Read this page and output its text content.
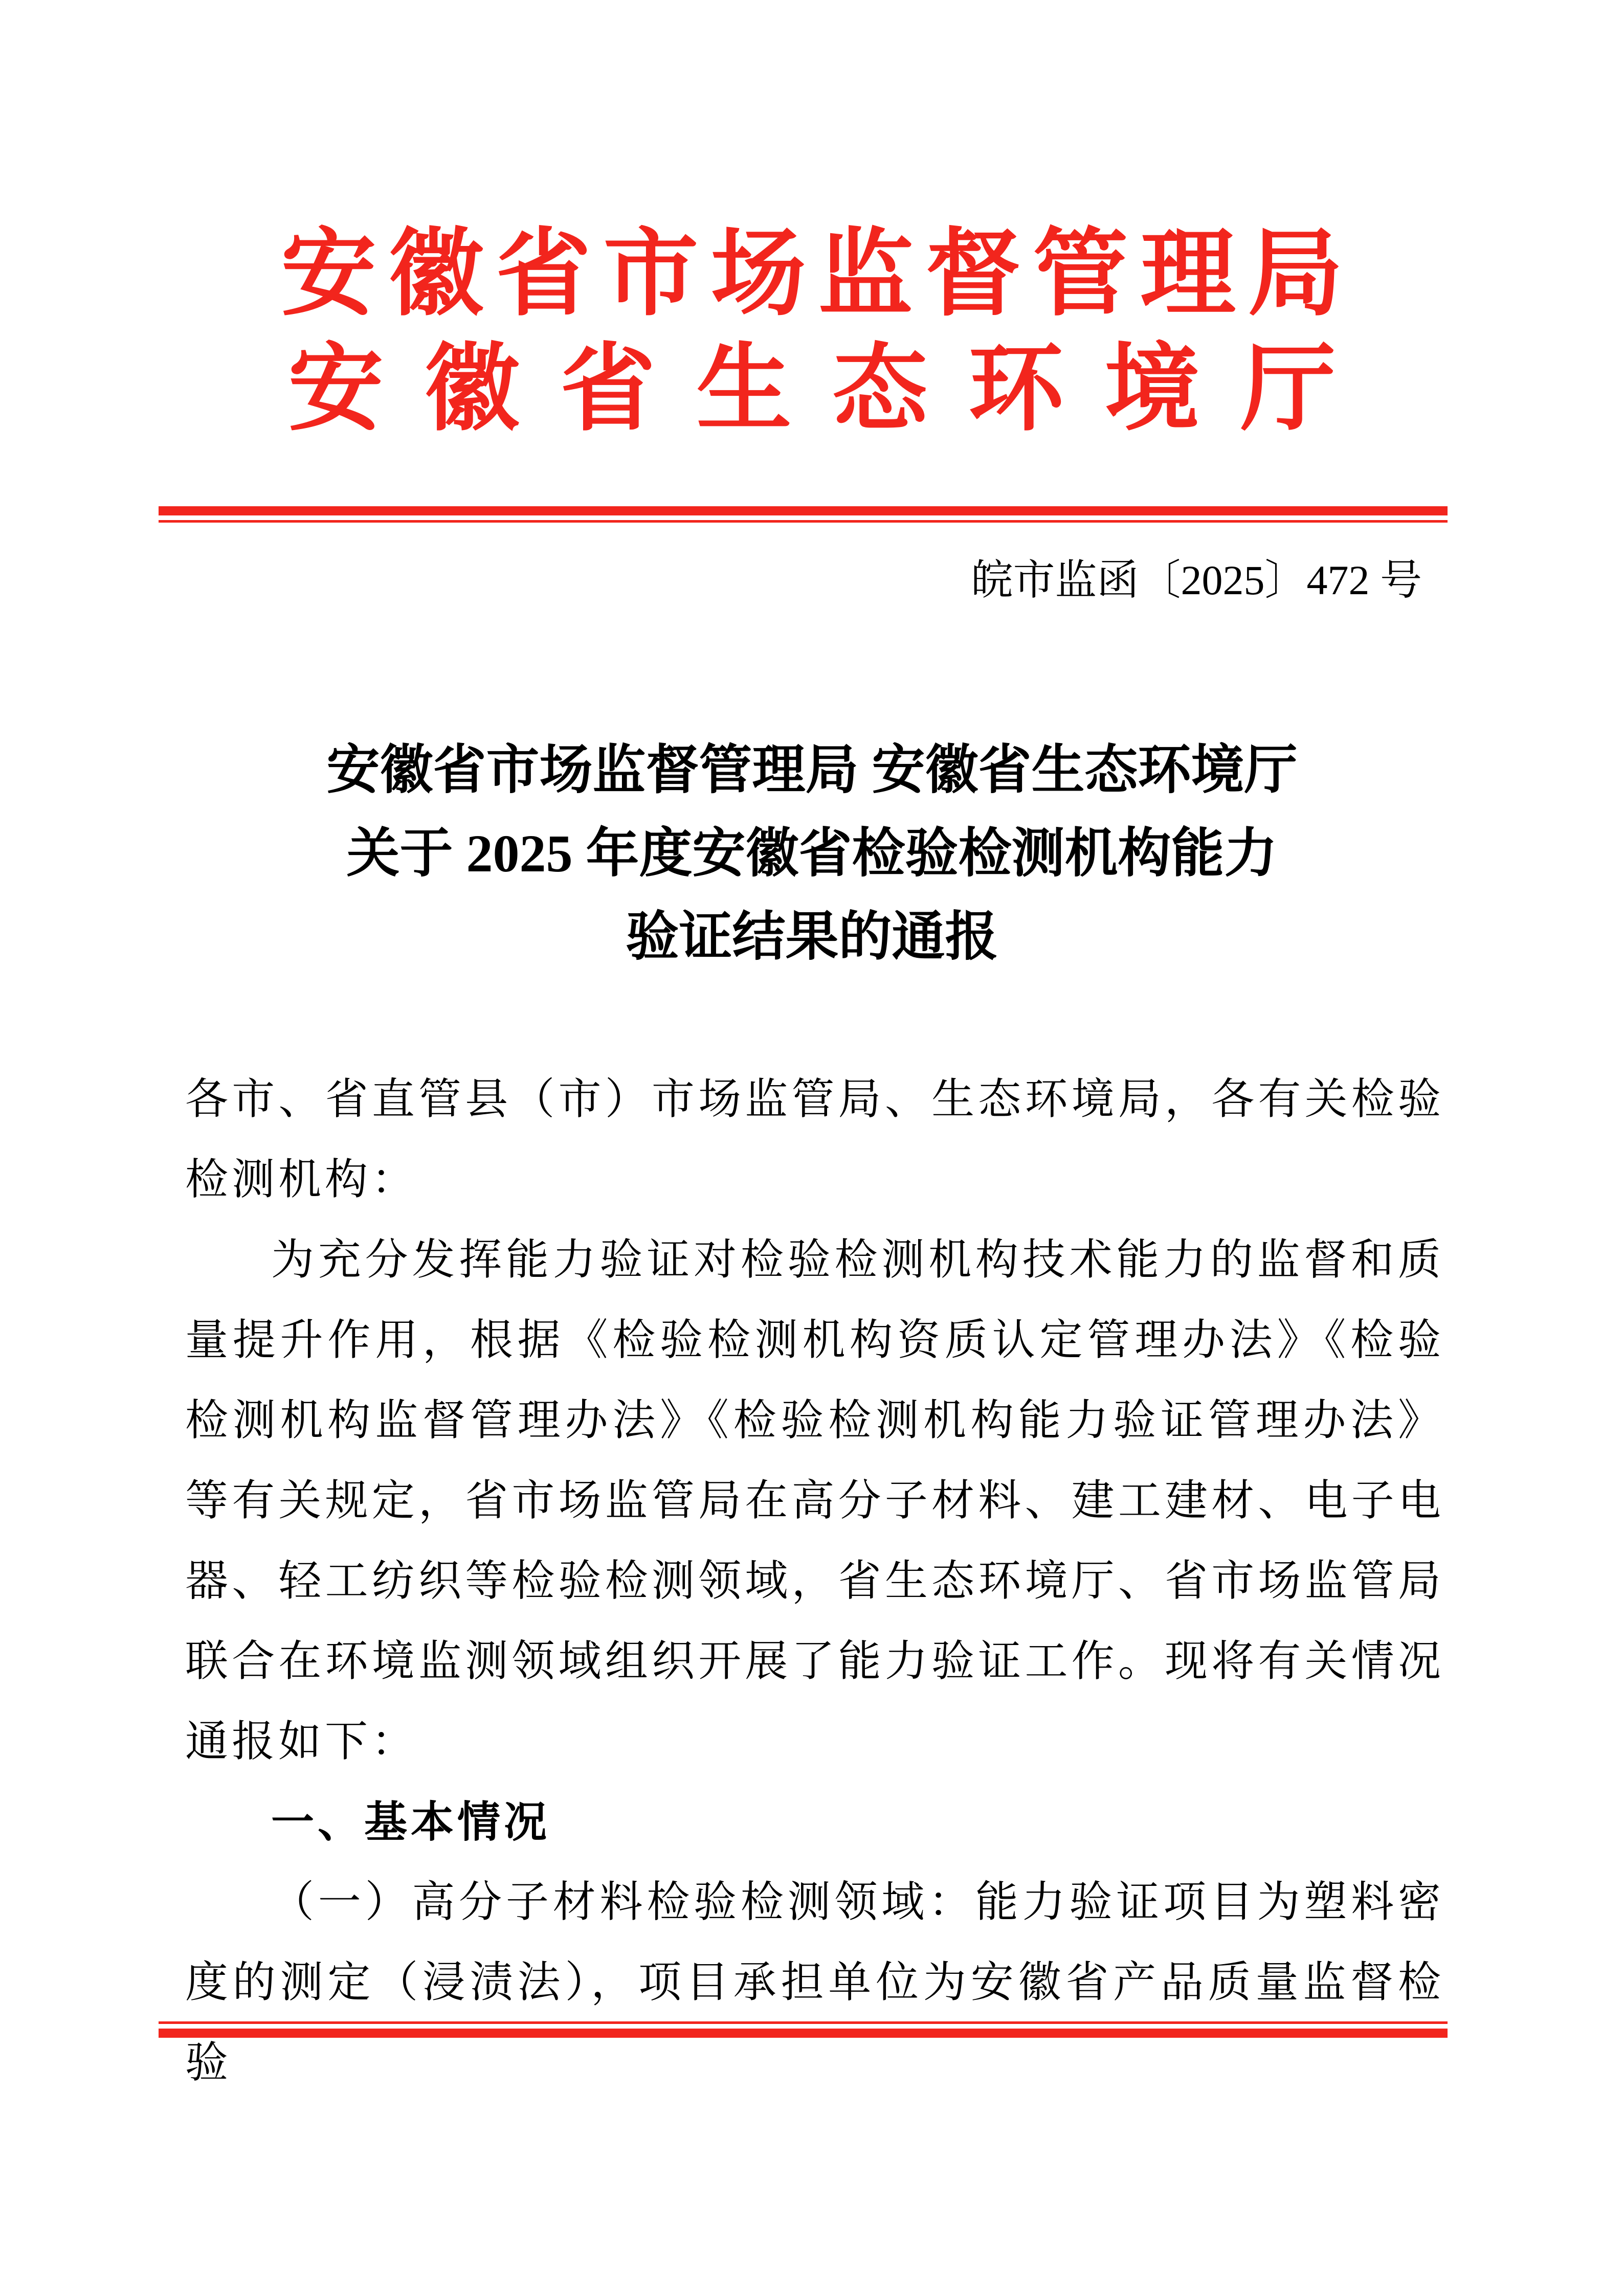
安徽省市场监督管理局
安徽省生态环境厅
皖市监函〔2025〕472 号
安徽省市场监督管理局 安徽省生态环境厅
关于 2025 年度安徽省检验检测机构能力
验证结果的通报

各市、省直管县（市）市场监管局、生态环境局，各有关检验检测机构：

为充分发挥能力验证对检验检测机构技术能力的监督和质量提升作用，根据《检验检测机构资质认定管理办法》《检验检测机构监督管理办法》《检验检测机构能力验证管理办法》等有关规定，省市场监管局在高分子材料、建工建材、电子电器、轻工纺织等检验检测领域，省生态环境厅、省市场监管局联合在环境监测领域组织开展了能力验证工作。现将有关情况通报如下：

一、基本情况

（一）高分子材料检验检测领域：能力验证项目为塑料密度的测定（浸渍法），项目承担单位为安徽省产品质量监督检验
